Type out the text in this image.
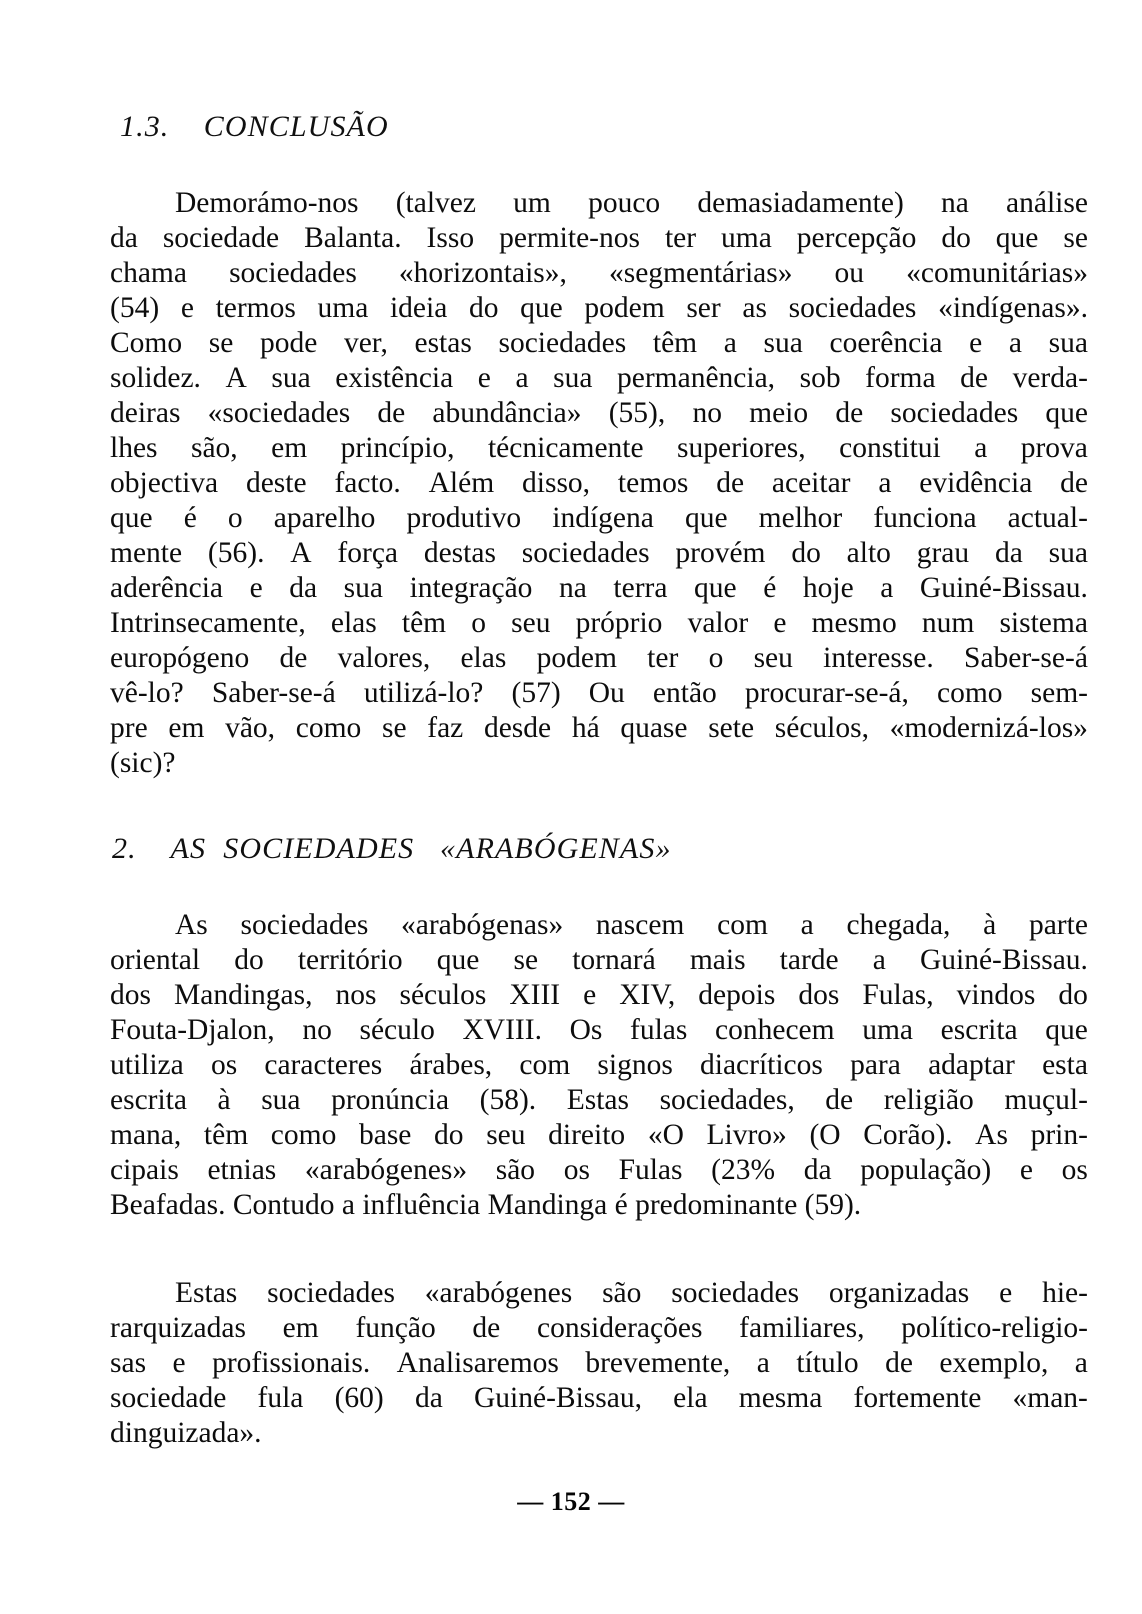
1.3.    CONCLUSÃO
Demorámo-nos (talvez um pouco demasiadamente) na análise
da sociedade Balanta. Isso permite-nos ter uma percepção do que se
chama sociedades «horizontais», «segmentárias» ou «comunitárias»
(54) e termos uma ideia do que podem ser as sociedades «indígenas».
Como se pode ver, estas sociedades têm a sua coerência e a sua
solidez. A sua existência e a sua permanência, sob forma de verda-
deiras «sociedades de abundância» (55), no meio de sociedades que
lhes são, em princípio, técnicamente superiores, constitui a prova
objectiva deste facto. Além disso, temos de aceitar a evidência de
que é o aparelho produtivo indígena que melhor funciona actual-
mente (56). A força destas sociedades provém do alto grau da sua
aderência e da sua integração na terra que é hoje a Guiné-Bissau.
Intrinsecamente, elas têm o seu próprio valor e mesmo num sistema
europógeno de valores, elas podem ter o seu interesse. Saber-se-á
vê-lo? Saber-se-á utilizá-lo? (57) Ou então procurar-se-á, como sem-
pre em vão, como se faz desde há quase sete séculos, «modernizá-los»
(sic)?
2.    AS  SOCIEDADES   «ARABÓGENAS»
As sociedades «arabógenas» nascem com a chegada, à parte
oriental do território que se tornará mais tarde a Guiné-Bissau.
dos Mandingas, nos séculos XIII e XIV, depois dos Fulas, vindos do
Fouta-Djalon, no século XVIII. Os fulas conhecem uma escrita que
utiliza os caracteres árabes, com signos diacríticos para adaptar esta
escrita à sua pronúncia (58). Estas sociedades, de religião muçul-
mana, têm como base do seu direito «O Livro» (O Corão). As prin-
cipais etnias «arabógenes» são os Fulas (23% da população) e os
Beafadas. Contudo a influência Mandinga é predominante (59).
Estas sociedades «arabógenes são sociedades organizadas e hie-
rarquizadas em função de considerações familiares, político-religio-
sas e profissionais. Analisaremos brevemente, a título de exemplo, a
sociedade fula (60) da Guiné-Bissau, ela mesma fortemente «man-
dinguizada».
— 152 —
